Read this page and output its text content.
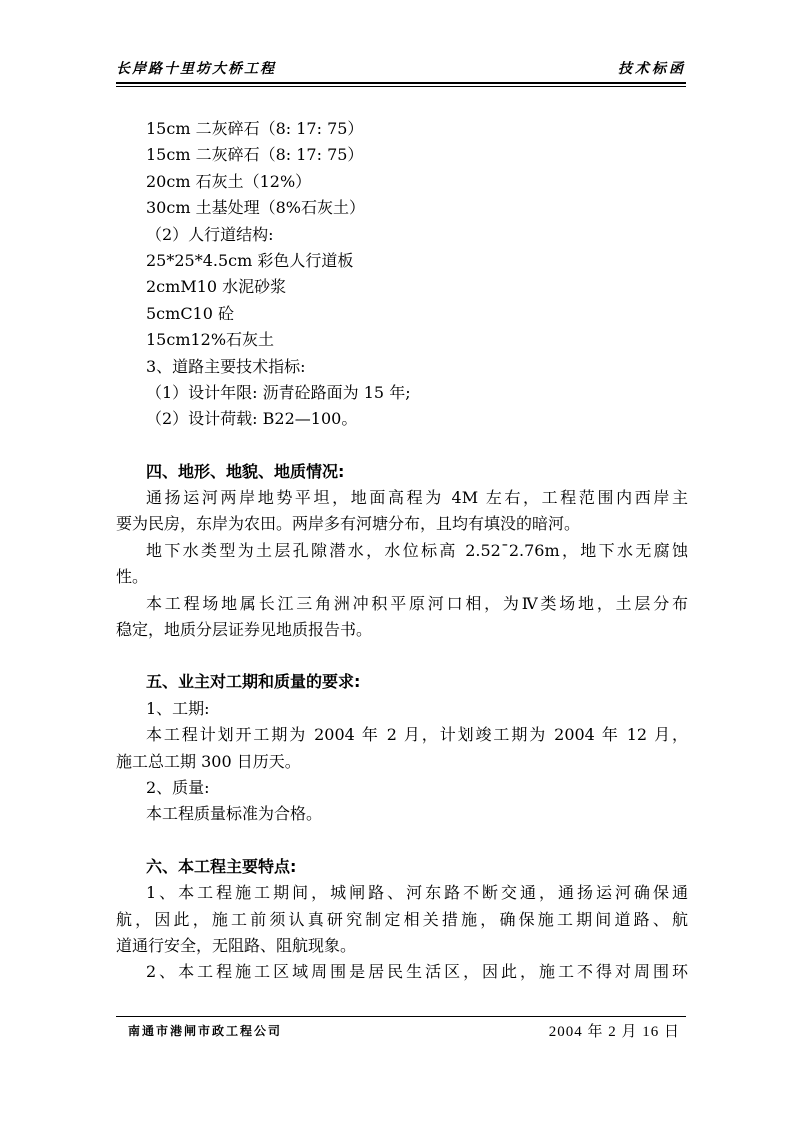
长岸路十里坊大桥工程	技术标函
15cm 二灰碎石（8: 17: 75）
15cm 二灰碎石（8: 17: 75）
20cm 石灰土（12%）
30cm 土基处理（8%石灰土）
（2）人行道结构:
25*25*4.5cm 彩色人行道板
2cmM10 水泥砂浆
5cmC10 砼
15cm12%石灰土
3、道路主要技术指标:
（1）设计年限: 沥青砼路面为 15 年;
（2）设计荷载: B22—100。
四、地形、地貌、地质情况:
通扬运河两岸地势平坦，地面高程为 4M 左右，工程范围内西岸主
要为民房，东岸为农田。两岸多有河塘分布，且均有填没的暗河。
地下水类型为土层孔隙潜水，水位标高 2.52¯2.76m，地下水无腐蚀
性。
本工程场地属长江三角洲冲积平原河口相，为Ⅳ类场地，土层分布
稳定，地质分层证券见地质报告书。
五、业主对工期和质量的要求:
1、工期:
本工程计划开工期为 2004 年 2 月，计划竣工期为 2004 年 12 月，
施工总工期 300 日历天。
2、质量:
本工程质量标准为合格。
六、本工程主要特点:
1、本工程施工期间，城闸路、河东路不断交通，通扬运河确保通
航，因此，施工前须认真研究制定相关措施，确保施工期间道路、航
道通行安全，无阻路、阻航现象。
2、本工程施工区域周围是居民生活区，因此，施工不得对周围环
南通市港闸市政工程公司	2004 年 2 月 16 日
